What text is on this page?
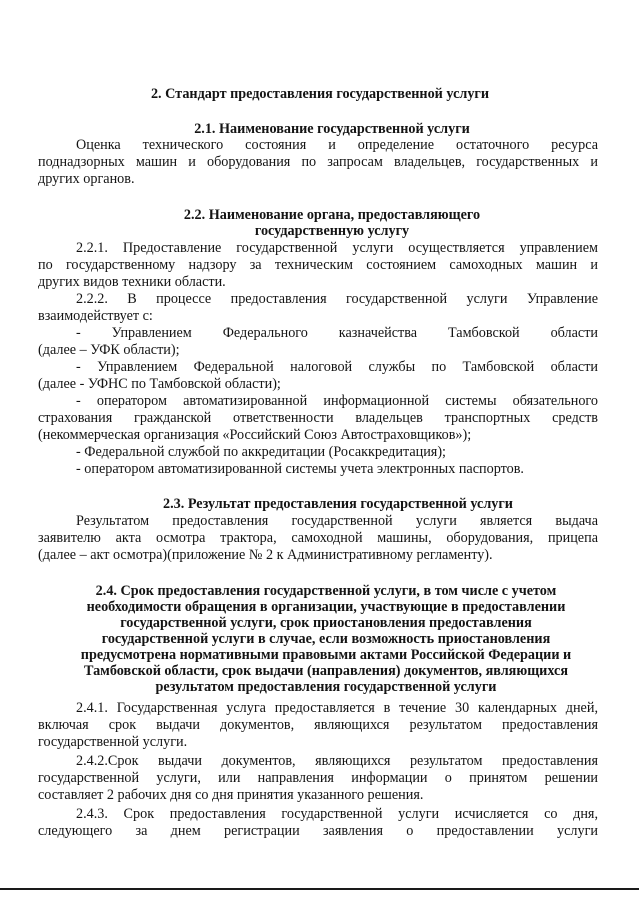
2. Стандарт предоставления государственной услуги
2.1. Наименование государственной услуги
Оценка технического состояния и определение остаточного ресурса
поднадзорных машин и оборудования по запросам владельцев, государственных и
других органов.
2.2. Наименование органа, предоставляющего
государственную услугу
2.2.1. Предоставление государственной услуги осуществляется управлением
по государственному надзору за техническим состоянием самоходных машин и
других видов техники области.
2.2.2. В процессе предоставления государственной услуги Управление
взаимодействует с:
- Управлением Федерального казначейства Тамбовской области
(далее – УФК области);
- Управлением Федеральной налоговой службы по Тамбовской области
(далее - УФНС по Тамбовской области);
- оператором автоматизированной информационной системы обязательного
страхования гражданской ответственности владельцев транспортных средств
(некоммерческая организация «Российский Союз Автостраховщиков»);
- Федеральной службой по аккредитации (Росаккредитация);
- оператором автоматизированной системы учета электронных паспортов.
2.3. Результат предоставления государственной услуги
Результатом предоставления государственной услуги является выдача
заявителю акта осмотра трактора, самоходной машины, оборудования, прицепа
(далее – акт осмотра)(приложение № 2 к Административному регламенту).
2.4. Срок предоставления государственной услуги, в том числе с учетом
необходимости обращения в организации, участвующие в предоставлении
государственной услуги, срок приостановления предоставления
государственной услуги в случае, если возможность приостановления
предусмотрена нормативными правовыми актами Российской Федерации и
Тамбовской области, срок выдачи (направления) документов, являющихся
результатом предоставления государственной услуги
2.4.1. Государственная услуга предоставляется в течение 30 календарных дней,
включая срок выдачи документов, являющихся результатом предоставления
государственной услуги.
2.4.2.Срок выдачи документов, являющихся результатом предоставления
государственной услуги, или направления информации о принятом решении
составляет 2 рабочих дня со дня принятия указанного решения.
2.4.3. Срок предоставления государственной услуги исчисляется со дня,
следующего за днем регистрации заявления о предоставлении услуги
